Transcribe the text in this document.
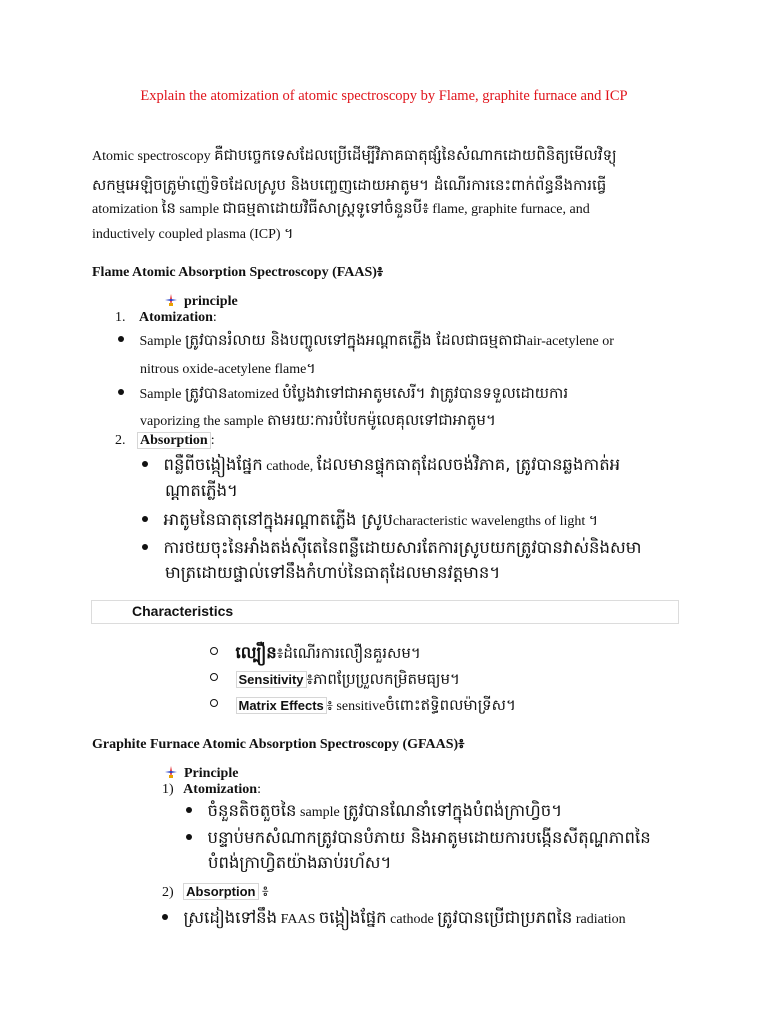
Explain the atomization of atomic spectroscopy by Flame, graphite furnace and ICP
Atomic spectroscopy គឺជាបច្ចេកទេសដែលប្រើដើម្បីវិភាគធាតុផ្សំនៃសំណាកដោយពិនិត្យមើលវិទ្យុ
សកម្មអេឡិចត្រូម៉ាញ៉េទិចដែលស្រូប និងបញ្ចេញដោយអាតូម។ ដំណើរការនេះពាក់ព័ន្ធនឹងការធ្វើ
atomization នៃ sample ជាធម្មតាដោយវិធីសាស្ត្រទូទៅចំនួនបី៖ flame, graphite furnace, and
inductively coupled plasma (ICP) ។
Flame Atomic Absorption Spectroscopy (FAAS)៖
principle
1. Atomization:
Sample ត្រូវបានរំលាយ និងបញ្ចូលទៅក្នុងអណ្តាតភ្លើង ដែលជាធម្មតាជាair-acetylene or
nitrous oxide-acetylene flame។
Sample ត្រូវបានatomized បំប្លែងវាទៅជាអាតូមសេរី។ វាត្រូវបានទទួលដោយការ
vaporizing the sample តាមរយៈការបំបែកម៉ូលេគុលទៅជាអាតូម។
2. Absorption :
ពន្លឺពីចង្កៀងផ្នែក cathode, ដែលមានផ្ទុកធាតុដែលចង់វិភាគ, ត្រូវបានឆ្លងកាត់អ
ណ្តាតភ្លើង។
អាតូមនៃធាតុនៅក្នុងអណ្តាតភ្លើង ស្រូបcharacteristic wavelengths of light ។
ការថយចុះនៃអាំងតង់ស៊ីតេនៃពន្លឺដោយសារតែការស្រូបយកត្រូវបានវាស់និងសមា
មាត្រដោយផ្ទាល់ទៅនឹងកំហាប់នៃធាតុដែលមានវត្តមាន។
Characteristics
ល្បឿន៖ដំណើរការលឿនគួរសម។
Sensitivity ៖ភាពប្រែប្រួលកម្រិតមធ្យម។
Matrix Effects ៖ sensitiveចំពោះឥទ្ធិពលម៉ាទ្រីស។
Graphite Furnace Atomic Absorption Spectroscopy (GFAAS)៖
Principle
1) Atomization:
ចំនួនតិចតួចនៃ sample ត្រូវបានណែនាំទៅក្នុងបំពង់ក្រាហ្វិច។
បន្ទាប់មកសំណាកត្រូវបានបំភាយ និងអាតូមដោយការបង្កើនសីតុណ្ហភាពនៃ
បំពង់ក្រាហ្វិតយ៉ាងឆាប់រហ័ស។
2) Absorption ៖
ស្រដៀងទៅនឹង FAAS ចង្កៀងផ្នែក cathode ត្រូវបានប្រើជាប្រភពនៃ radiation
